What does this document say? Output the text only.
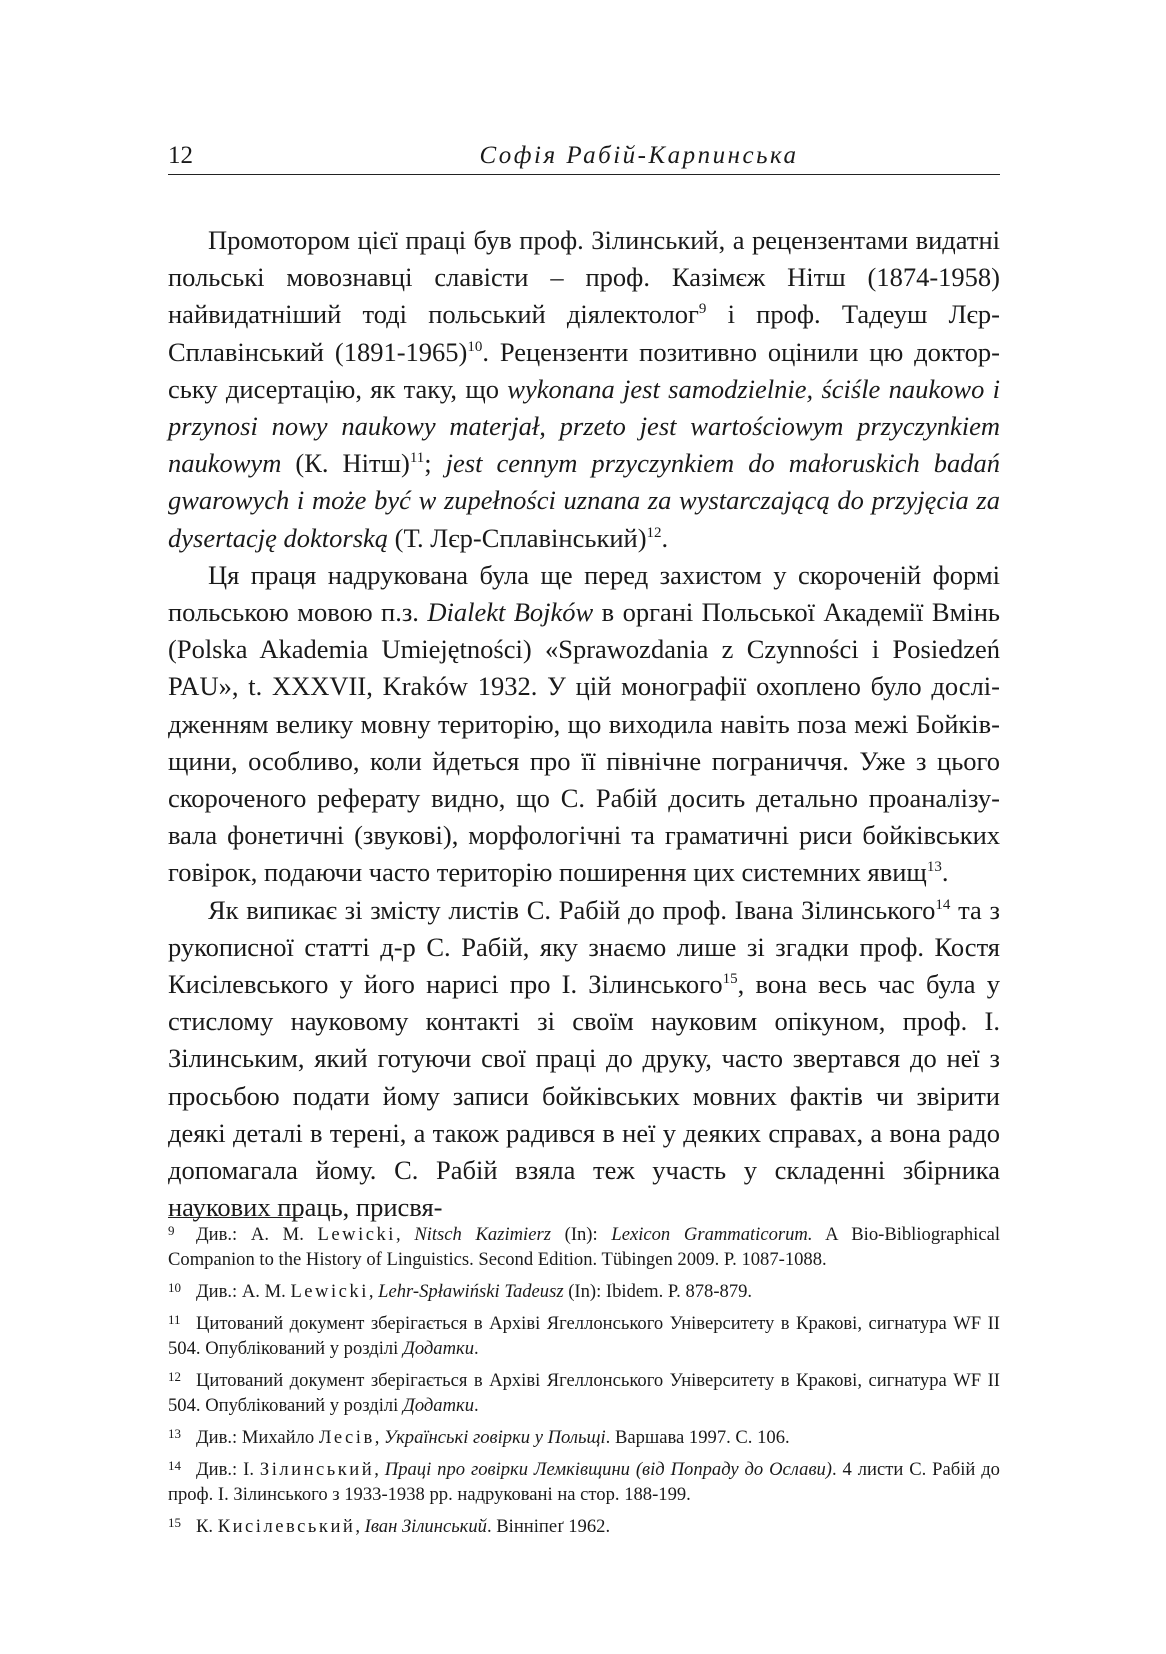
12	Софія Рабій-Карпинська

Промотором цієї праці був проф. Зілинський, а рецензентами видатні польські мовознавці славісти – проф. Казімєж Нітш (1874-1958) найвидатніший тоді польський діялектолог$^9$ і проф. Тадеуш Лєр-Сплавінський (1891-1965)$^{10}$. Рецензенти позитивно оцінили цю докторську дисертацію, як таку, що wykonana jest samodzielnie, ściśle naukowo i przynosi nowy naukowy materjał, przeto jest wartościowym przyczynkiem naukowym (К. Нітш)$^{11}$; jest cennym przyczynkiem do małoruskich badań gwarowych i może być w zupełności uznana za wystarczającą do przyjęcia za dysertację doktorską (Т. Лєр-Сплавінський)$^{12}$.

Ця праця надрукована була ще перед захистом у скороченій формі польською мовою п.з. Dialekt Bojków в органі Польської Академії Вмінь (Polska Akademia Umiejętności) «Sprawozdania z Czynności i Posiedzeń PAU», t. XXXVII, Kraków 1932. У цій монографії охоплено було дослідженням велику мовну територію, що виходила навіть поза межі Бойківщини, особливо, коли йдеться про її північне пограниччя. Уже з цього скороченого реферату видно, що С. Рабій досить детально проаналізувала фонетичні (звукові), морфологічні та граматичні риси бойківських говірок, подаючи часто територію поширення цих системних явищ$^{13}$.

Як випикає зі змісту листів С. Рабій до проф. Івана Зілинського$^{14}$ та з рукописної статті д-р С. Рабій, яку знаємо лише зі згадки проф. Костя Кисілевського у його нарисі про І. Зілинського$^{15}$, вона весь час була у стислому науковому контакті зі своїм науковим опікуном, проф. І. Зілинським, який готуючи свої праці до друку, часто звертався до неї з просьбою подати йому записи бойківських мовних фактів чи звірити деякі деталі в терені, а також радився в неї у деяких справах, а вона радо допомагала йому. С. Рабій взяла теж участь у складенні збірника наукових праць, присвя-

9 Див.: A. M. Lewicki, Nitsch Kazimierz (In): Lexicon Grammaticorum. A Bio-Bibliographical Companion to the History of Linguistics. Second Edition. Tübingen 2009. P. 1087-1088.

10 Див.: A. M. Lewicki, Lehr-Spławiński Tadeusz (In): Ibidem. P. 878-879.

11 Цитований документ зберігається в Архіві Ягеллонського Університету в Кракові, сигнатура WF II 504. Опублікований у розділі Додатки.

12 Цитований документ зберігається в Архіві Ягеллонського Університету в Кракові, сигнатура WF II 504. Опублікований у розділі Додатки.

13 Див.: Михайло Лесів, Українські говірки у Польщі. Варшава 1997. С. 106.

14 Див.: І. Зілинський, Праці про говірки Лемківщини (від Попраду до Ослави). 4 листи С. Рабій до проф. І. Зілинського з 1933-1938 рр. надруковані на стор. 188-199.

15 К. Кисілевський, Іван Зілинський. Вінніпеґ 1962.
